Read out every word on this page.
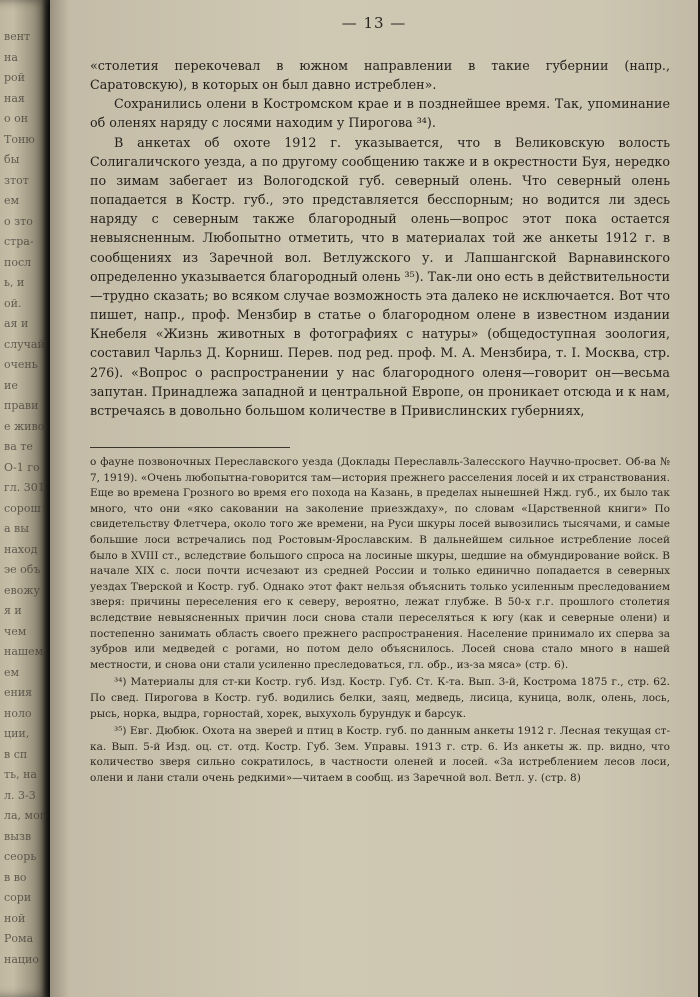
вент
на
рой
ная
о он
Тоню
бы
зтот
ем
о зто
стра-
посл
ь, и
ой.
ая и
случай
очень
ие
прави
е живо
ва те
О-1 го
гл. 301
сорош
а вы
наход
эе объ
евожу
я и
чем
нашем
ем
ения
ноло
ции,
в сп
ть, на
л. 3-3
ла, мог
вызв
сеорь
в во
сори
ной
Рома
нацио
— 13 —

«столетия перекочевал в южном направлении в такие губернии (напр., Саратовскую), в которых он был давно истреблен».

Сохранились олени в Костромском крае и в позднейшее время. Так, упоминание об оленях наряду с лосями находим у Пирогова ³⁴).

В анкетах об охоте 1912 г. указывается, что в Великовскую волость Солигаличского уезда, а по другому сообщению также и в окрестности Буя, нередко по зимам забегает из Вологодской губ. северный олень. Что северный олень попадается в Костр. губ., это представляется бесспорным; но водится ли здесь наряду с северным также благородный олень—вопрос этот пока остается невыясненным. Любопытно отметить, что в материалах той же анкеты 1912 г. в сообщениях из Заречной вол. Ветлужского у. и Лапшангской Варнавинского определенно указывается благородный олень ³⁵). Так-ли оно есть в действительности—трудно сказать; во всяком случае возможность эта далеко не исключается. Вот что пишет, напр., проф. Мензбир в статье о благородном олене в известном издании Кнебеля «Жизнь животных в фотографиях с натуры» (общедоступная зоология, составил Чарльз Д. Корниш. Перев. под ред. проф. М. А. Мензбира, т. I. Москва, стр. 276). «Вопрос о распространении у нас благородного оленя—говорит он—весьма запутан. Принадлежа западной и центральной Европе, он проникает отсюда и к нам, встречаясь в довольно большом количестве в Привислинских губерниях,

о фауне позвоночных Переславского уезда (Доклады Переславль-Залесского Научно-просвет. Об-ва № 7, 1919). «Очень любопытна-говорится там—история прежнего расселения лосей и их странствования. Еще во времена Грозного во время его похода на Казань, в пределах нынешней Нжд. губ., их было так много, что они «яко саковании на заколение приезждаху», по словам «Царственной книги» По свидетельству Флетчера, около того же времени, на Руси шкуры лосей вывозились тысячами, и самые большие лоси встречались под Ростовым-Ярославским. В дальнейшем сильное истребление лосей было в XVIII ст., вследствие большого спроса на лосиные шкуры, шедшие на обмундирование войск. В начале XIX с. лоси почти исчезают из средней России и только единично попадается в северных уездах Тверской и Костр. губ. Однако этот факт нельзя объяснить только усиленным преследованием зверя: причины переселения его к северу, вероятно, лежат глубже. В 50-х г.г. прошлого столетия вследствие невыясненных причин лоси снова стали переселяться к югу (как и северные олени) и постепенно занимать область своего прежнего распространения. Население принимало их сперва за зубров или медведей с рогами, но потом дело объяснилось. Лосей снова стало много в нашей местности, и снова они стали усиленно преследоваться, гл. обр., из-за мяса» (стр. 6).

³⁴) Материалы для ст-ки Костр. губ. Изд. Костр. Губ. Ст. К-та. Вып. 3-й, Кострома 1875 г., стр. 62. По свед. Пирогова в Костр. губ. водились белки, заяц, медведь, лисица, куница, волк, олень, лось, рысь, норка, выдра, горностай, хорек, выхухоль бурундук и барсук.

³⁵) Евг. Дюбюк. Охота на зверей и птиц в Костр. губ. по данным анкеты 1912 г. Лесная текущая ст-ка. Вып. 5-й Изд. оц. ст. отд. Костр. Губ. Зем. Управы. 1913 г. стр. 6. Из анкеты ж. пр. видно, что количество зверя сильно сократилось, в частности оленей и лосей. «За истреблением лесов лоси, олени и лани стали очень редкими»—читаем в сообщ. из Заречной вол. Ветл. у. (стр. 8)
